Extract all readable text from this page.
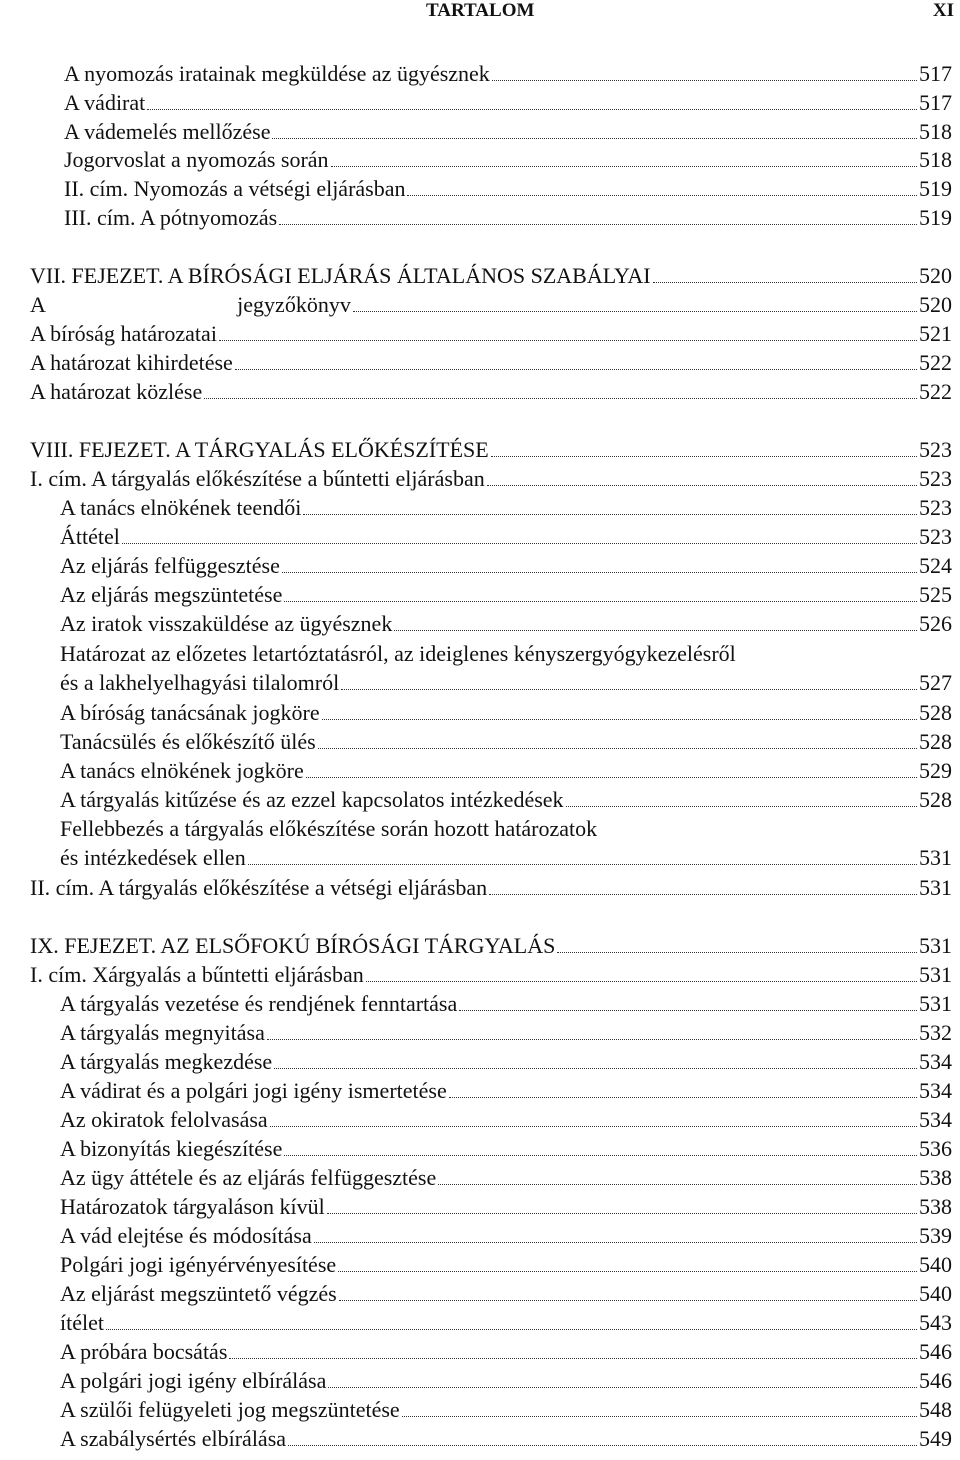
TARTALOM	XI
A nyomozás iratainak megküldése az ügyésznek	517
A vádirat	517
A vádemelés mellőzése	518
Jogorvoslat a nyomozás során	518
II. cím. Nyomozás a vétségi eljárásban	519
III. cím. A pótnyomozás	519
VII. FEJEZET. A BÍRÓSÁGI ELJÁRÁS ÁLTALÁNOS SZABÁLYAI	520
A                                   jegyzőkönyv	520
A bíróság határozatai	521
A határozat kihirdetése	522
A határozat közlése	522
VIII. FEJEZET. A TÁRGYALÁS ELŐKÉSZÍTÉSE	523
I. cím. A tárgyalás előkészítése a bűntetti eljárásban	523
A tanács elnökének teendői	523
Áttétel	523
Az eljárás felfüggesztése	524
Az eljárás megszüntetése	525
Az iratok visszaküldése az ügyésznek	526
Határozat az előzetes letartóztatásról, az ideiglenes kényszergyógykezelésről
és a lakhelyelhagyási tilalomról	527
A bíróság tanácsának jogköre	528
Tanácsülés és előkészítő ülés	528
A tanács elnökének jogköre	529
A tárgyalás kitűzése és az ezzel kapcsolatos intézkedések	528
Fellebbezés a tárgyalás előkészítése során hozott határozatok
és intézkedések ellen	531
II. cím. A tárgyalás előkészítése a vétségi eljárásban	531
IX. FEJEZET. AZ ELSŐFOKÚ BÍRÓSÁGI TÁRGYALÁS	531
I. cím. Xárgyalás a bűntetti eljárásban	531
A tárgyalás vezetése és rendjének fenntartása	531
A tárgyalás megnyitása	532
A tárgyalás megkezdése	534
A vádirat és a polgári jogi igény ismertetése	534
Az okiratok felolvasása	534
A bizonyítás kiegészítése	536
Az ügy áttétele és az eljárás felfüggesztése	538
Határozatok tárgyaláson kívül	538
A vád elejtése és módosítása	539
Polgári jogi igényérvényesítése	540
Az eljárást megszüntető végzés	540
ítélet	543
A próbára bocsátás	546
A polgári jogi igény elbírálása	546
A szülői felügyeleti jog megszüntetése	548
A szabálysértés elbírálása	549
